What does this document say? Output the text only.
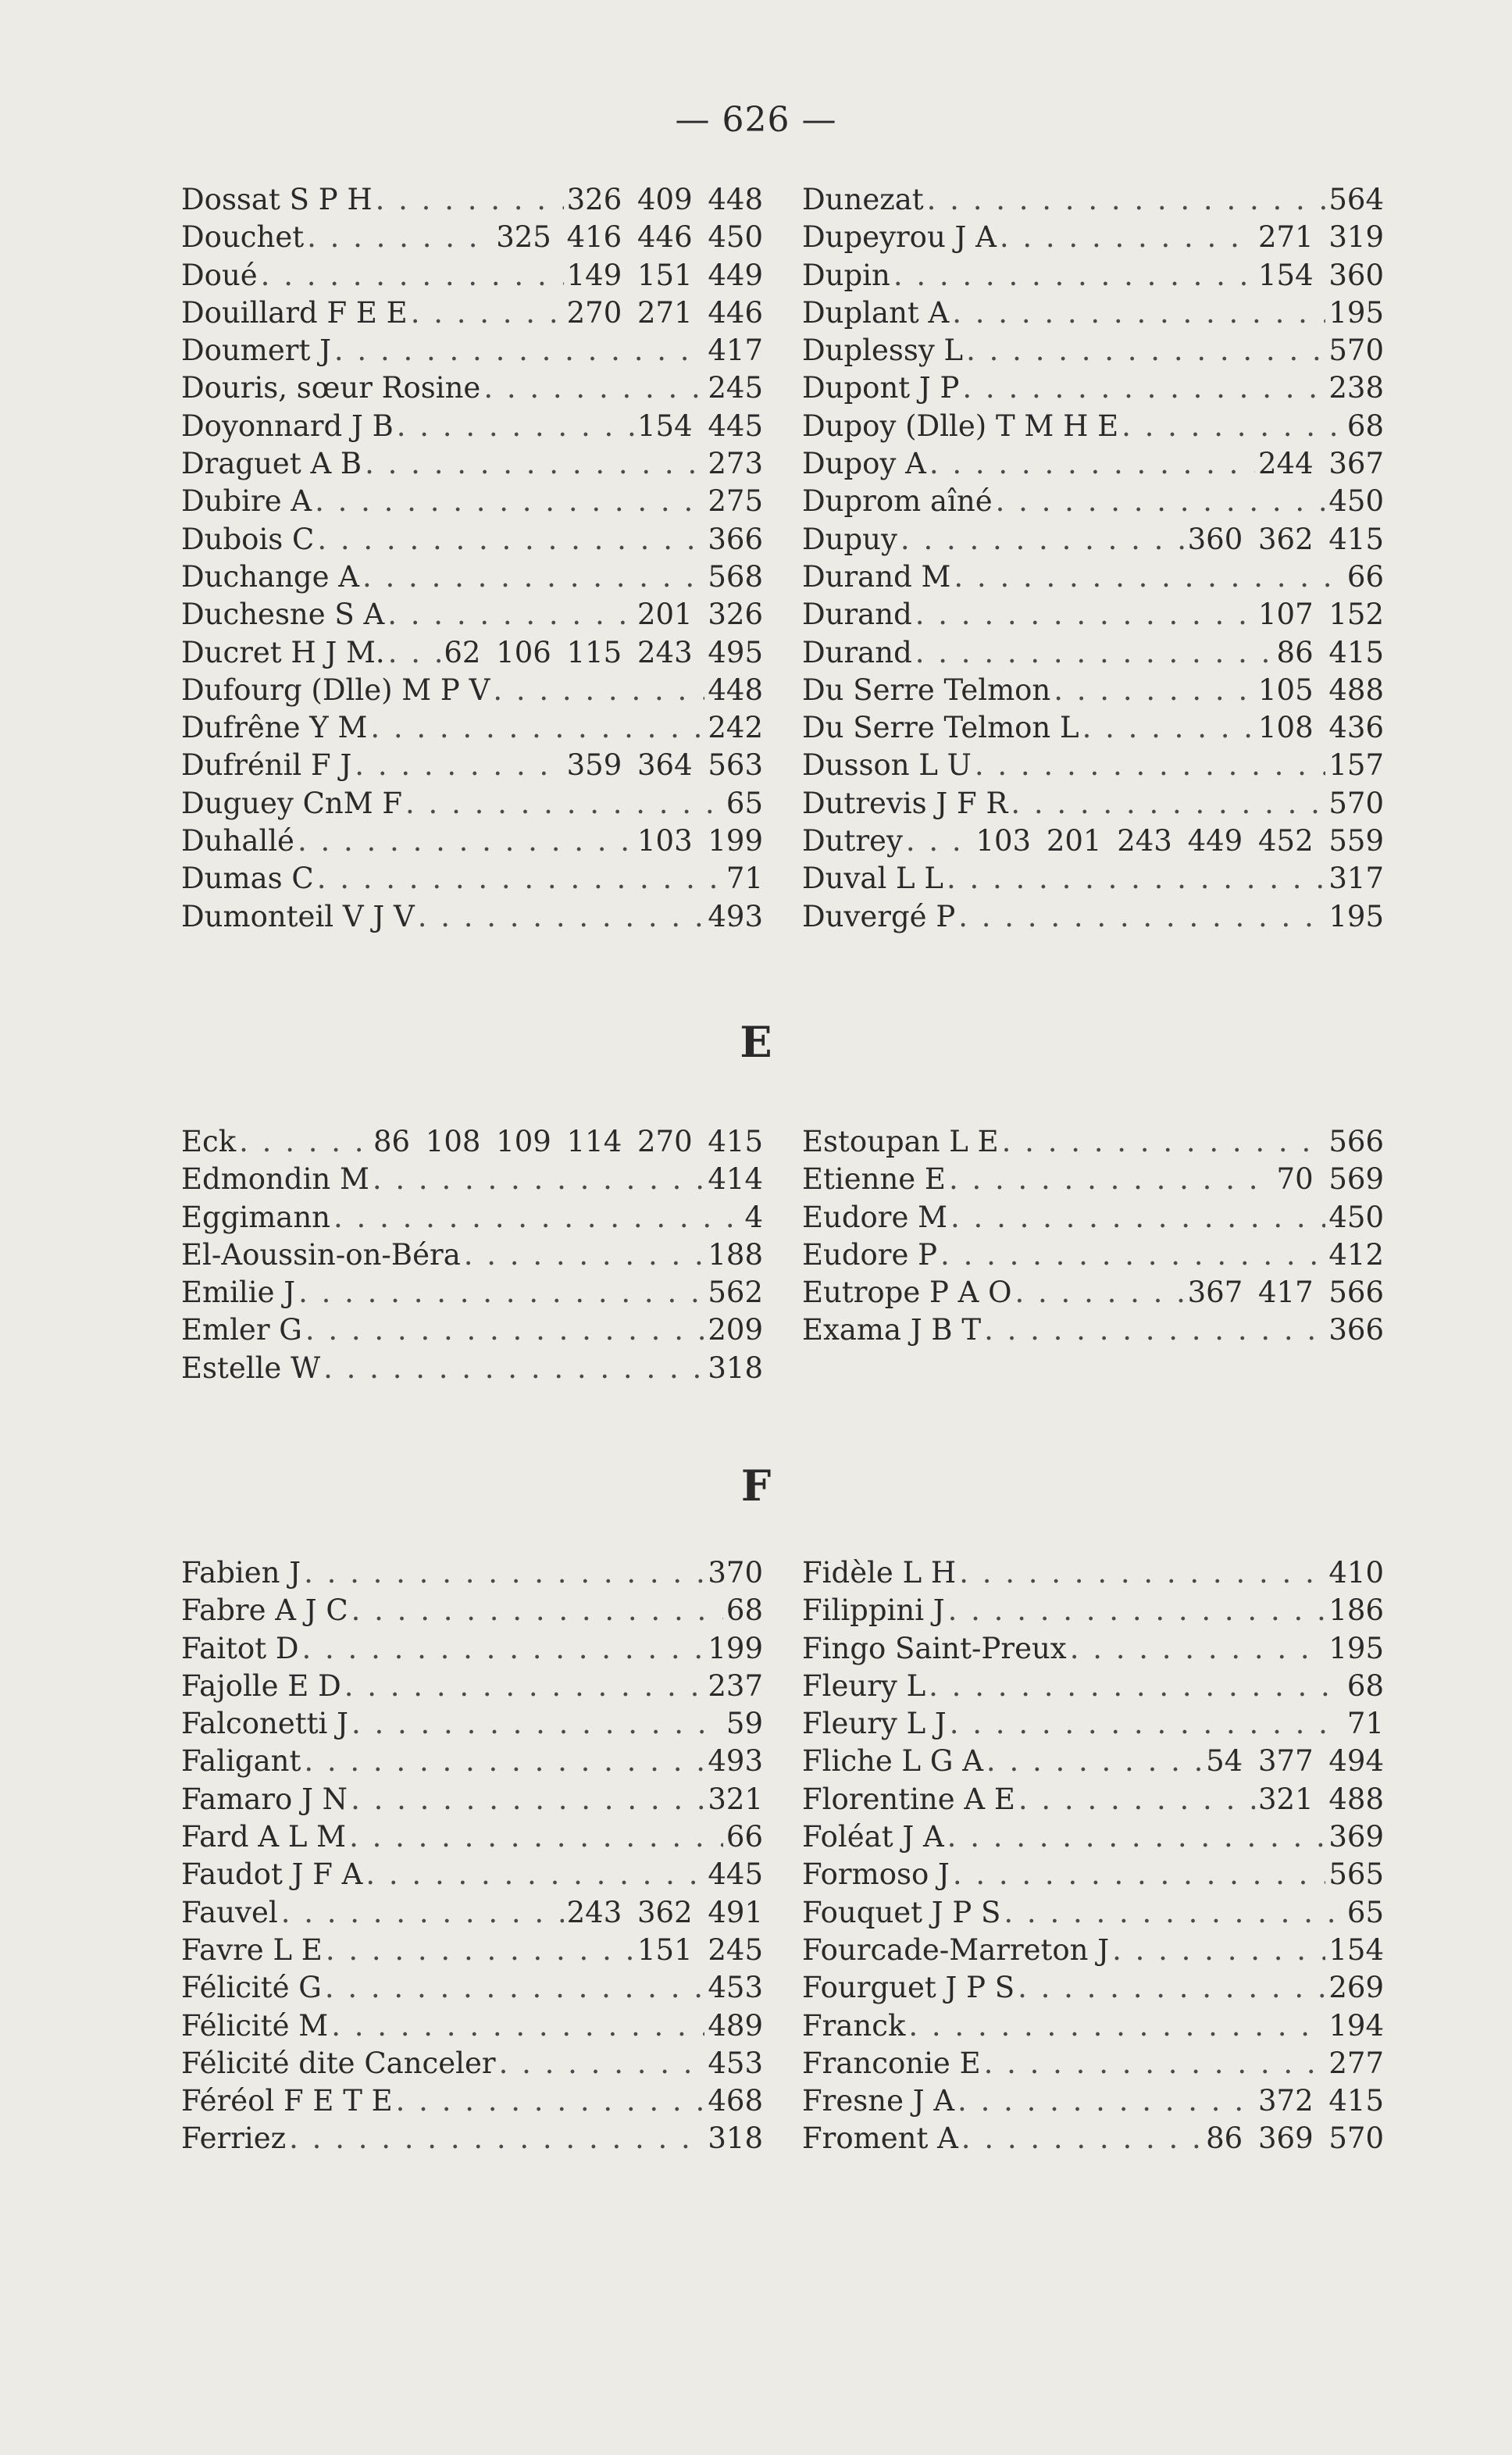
— 626 —
Dossat S P H . . .	326 409 448
Douchet . . .	325 416 446 450
Doué . . .	149 151 449
Douillard F E E . . .	270 271 446
Doumert J . . .	417
Douris, sœur Rosine . . .	245
Doyonnard J B . . .	154 445
Draguet A B . . .	273
Dubire A . . .	275
Dubois C . . .	366
Duchange A . . .	568
Duchesne S A . . .	201 326
Ducret H J M. . . . 62 106 115 243 495
Dufourg (Dlle) M P V . . .	448
Dufrêne Y M . . .	242
Dufrénil F J . . .	359 364 563
Duguey CnM F . . .	65
Duhallé . . .	103 199
Dumas C . . .	71
Dumonteil V J V . . .	493
Dunezat . . .	564
Dupeyrou J A . . .	271 319
Dupin . . .	154 360
Duplant A . . .	195
Duplessy L . . .	570
Dupont J P . . .	238
Dupoy (Dlle) T M H E . . .	68
Dupoy A . . .	244 367
Duprom aîné . . .	450
Dupuy . . .	360 362 415
Durand M . . .	66
Durand . . .	107 152
Durand . . .	86 415
Du Serre Telmon . . .	105 488
Du Serre Telmon L . . .	108 436
Dusson L U . . .	157
Dutrevis J F R . . .	570
Dutrey . . .	103 201 243 449 452 559
Duval L L . . .	317
Duvergé P . . .	195
E
Eck . . .	86 108 109 114 270 415
Edmondin M . . .	414
Eggimann . . .	4
El-Aoussin-on-Béra . . .	188
Emilie J . . .	562
Emler G . . .	209
Estelle W . . .	318
Estoupan L E . . .	566
Etienne E . . .	70 569
Eudore M . . .	450
Eudore P . . .	412
Eutrope P A O . . .	367 417 566
Examа J B T . . .	366
F
Fabien J . . .	370
Fabre A J C . . .	68
Faitot D . . .	199
Fajolle E D . . .	237
Falconetti J . . .	59
Faligant . . .	493
Famaro J N . . .	321
Fard A L M . . .	66
Faudot J F A . . .	445
Fauvel . . .	243 362 491
Favre L E . . .	151 245
Félicité G . . .	453
Félicité M . . .	489
Félicité dite Canceler . . .	453
Féréol F E T E . . .	468
Ferriez . . .	318
Fidèle L H . . .	410
Filippini J . . .	186
Fingo Saint-Preux . . .	195
Fleury L . . .	68
Fleury L J . . .	71
Fliche L G A . . .	54 377 494
Florentine A E . . .	321 488
Foléat J A . . .	369
Formoso J . . .	565
Fouquet J P S . . .	65
Fourcade-Marreton J . . .	154
Fourguet J P S . . .	269
Franck . . .	194
Franconie E . . .	277
Fresne J A . . .	372 415
Froment A . . .	86 369 570
